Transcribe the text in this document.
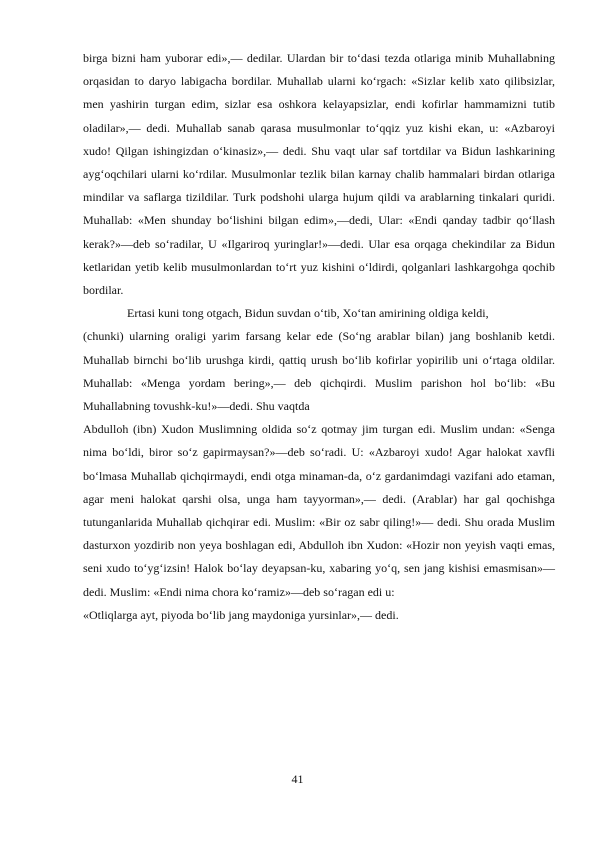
birga bizni ham yuborar edi»,— dedilar. Ulardan bir to‘dasi tezda otlariga minib Muhallabning orqasidan to daryo labigacha bordilar. Muhallab ularni ko‘rgach: «Sizlar kelib xato qilibsizlar, men yashirin turgan edim, sizlar esa oshkora kelayapsizlar, endi kofirlar hammamizni tutib oladilar»,— dedi. Muhallab sanab qarasa musulmonlar to‘qqiz yuz kishi ekan, u: «Azbaroyi xudo! Qilgan ishingizdan o‘kinasiz»,— dedi. Shu vaqt ular saf tortdilar va Bidun lashkarining ayg‘oqchilari ularni ko‘rdilar. Musulmonlar tezlik bilan karnay chalib hammalari birdan otlariga mindilar va saflarga tizildilar. Turk podshohi ularga hujum qildi va arablarning tinkalari quridi. Muhallab: «Men shunday bo‘lishini bilgan edim»,—dedi, Ular: «Endi qanday tadbir qo‘llash kerak?»—deb so‘radilar, U «Ilgariroq yuringlar!»—dedi. Ular esa orqaga chekindilar za Bidun ketlaridan yetib kelib musulmonlardan to‘rt yuz kishini o‘ldirdi, qolganlari lashkargohga qochib bordilar.

Ertasi kuni tong otgach, Bidun suvdan o‘tib, Xo‘tan amirining oldiga keldi,

(chunki) ularning oraligi yarim farsang kelar ede (So‘ng arablar bilan) jang boshlanib ketdi. Muhallab birnchi bo‘lib urushga kirdi, qattiq urush bo‘lib kofirlar yopirilib uni o‘rtaga oldilar. Muhallab: «Menga yordam bering»,— deb qichqirdi. Muslim parishon hol bo‘lib: «Bu Muhallabning tovushk-ku!»—dedi. Shu vaqtda

Abdulloh (ibn) Xudon Muslimning oldida so‘z qotmay jim turgan edi. Muslim undan: «Senga nima bo‘ldi, biror so‘z gapirmaysan?»—deb so‘radi. U: «Azbaroyi xudo! Agar halokat xavfli bo‘lmasa Muhallab qichqirmaydi, endi otga minaman-da, o‘z gardanimdagi vazifani ado etaman, agar meni halokat qarshi olsa, unga ham tayyorman»,— dedi. (Arablar) har gal qochishga tutunganlarida Muhallab qichqirar edi. Muslim: «Bir oz sabr qiling!»— dedi. Shu orada Muslim dasturxon yozdirib non yeya boshlagan edi, Abdulloh ibn Xudon: «Hozir non yeyish vaqti emas, seni xudo to‘yg‘izsin! Halok bo‘lay deyapsan-ku, xabaring yo‘q, sen jang kishisi emasmisan»—dedi. Muslim: «Endi nima chora ko‘ramiz»—deb so‘ragan edi u:

«Otliqlarga ayt, piyoda bo‘lib jang maydoniga yursinlar»,— dedi.
41
